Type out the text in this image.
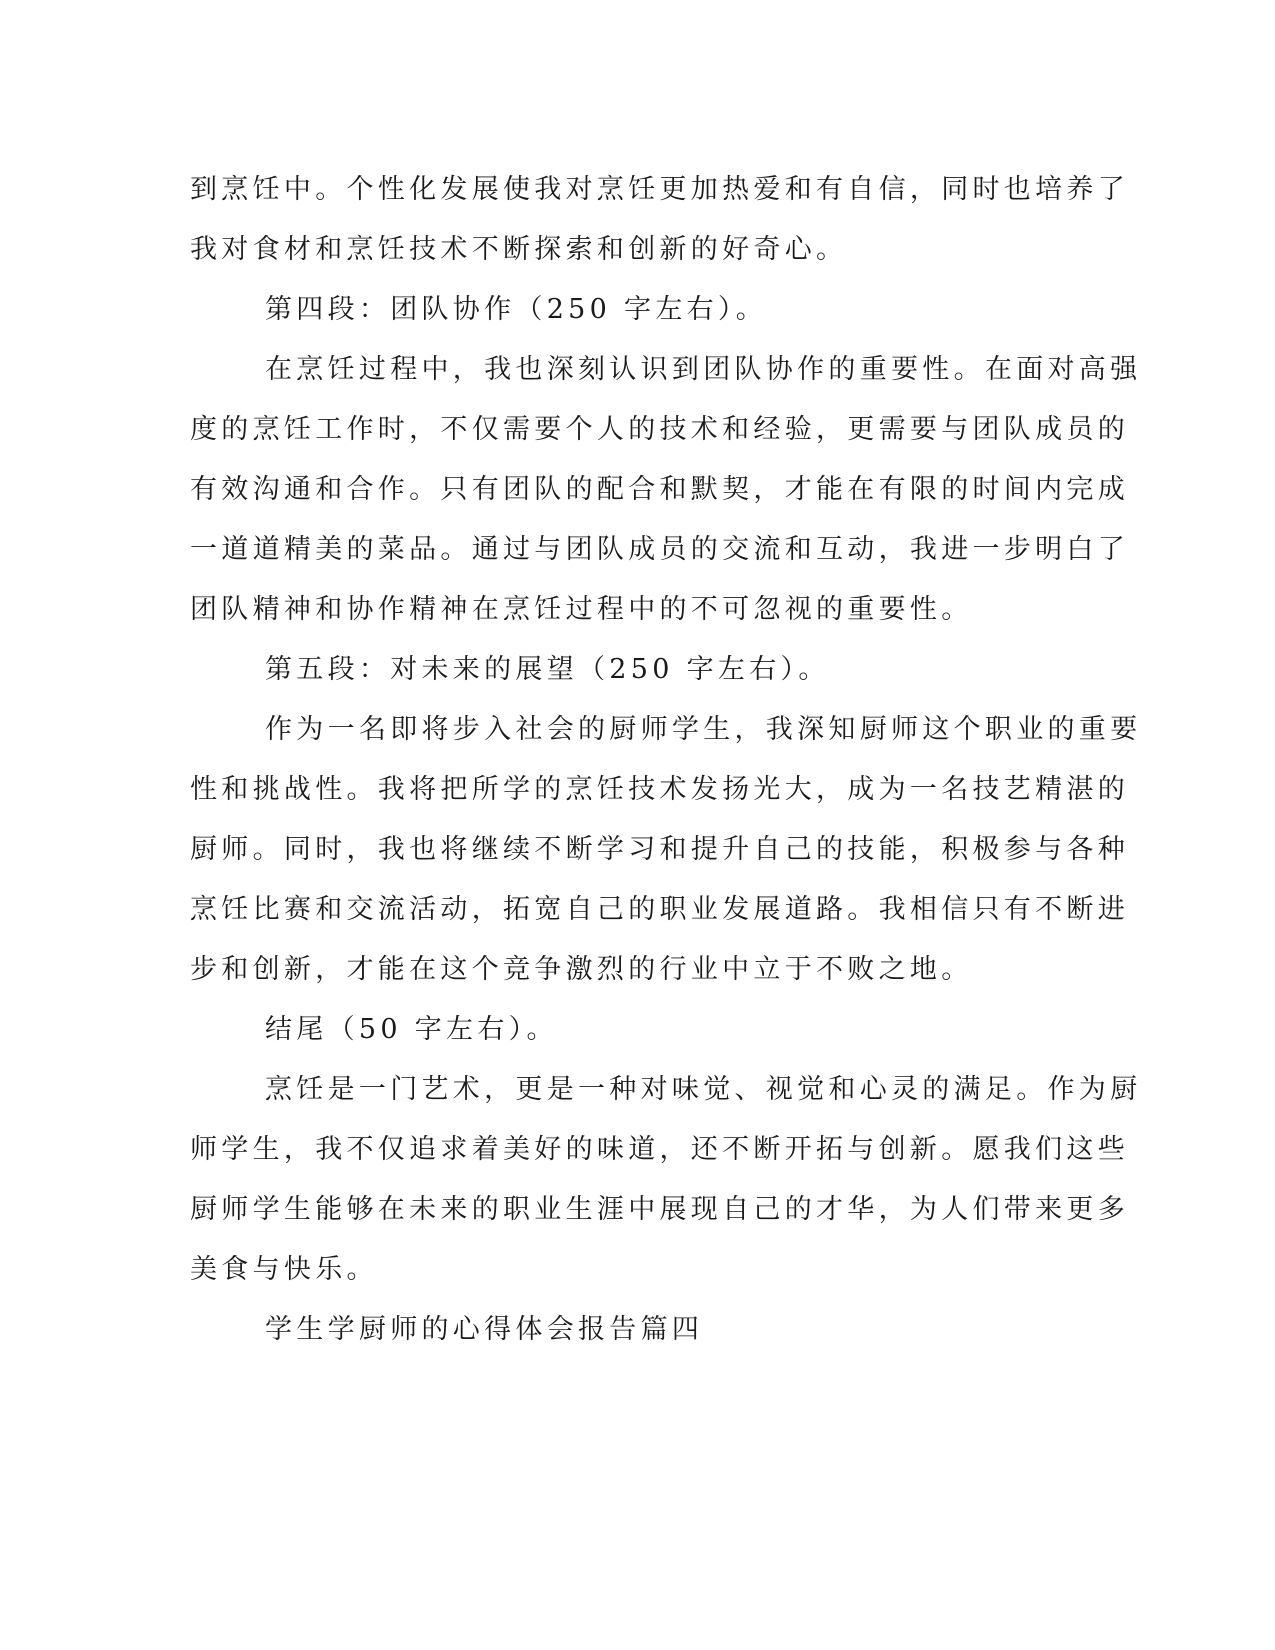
到烹饪中。个性化发展使我对烹饪更加热爱和有自信，同时也培养了
我对食材和烹饪技术不断探索和创新的好奇心。
第四段：团队协作（250 字左右）。
在烹饪过程中，我也深刻认识到团队协作的重要性。在面对高强
度的烹饪工作时，不仅需要个人的技术和经验，更需要与团队成员的
有效沟通和合作。只有团队的配合和默契，才能在有限的时间内完成
一道道精美的菜品。通过与团队成员的交流和互动，我进一步明白了
团队精神和协作精神在烹饪过程中的不可忽视的重要性。
第五段：对未来的展望（250 字左右）。
作为一名即将步入社会的厨师学生，我深知厨师这个职业的重要
性和挑战性。我将把所学的烹饪技术发扬光大，成为一名技艺精湛的
厨师。同时，我也将继续不断学习和提升自己的技能，积极参与各种
烹饪比赛和交流活动，拓宽自己的职业发展道路。我相信只有不断进
步和创新，才能在这个竞争激烈的行业中立于不败之地。
结尾（50 字左右）。
烹饪是一门艺术，更是一种对味觉、视觉和心灵的满足。作为厨
师学生，我不仅追求着美好的味道，还不断开拓与创新。愿我们这些
厨师学生能够在未来的职业生涯中展现自己的才华，为人们带来更多
美食与快乐。
学生学厨师的心得体会报告篇四
